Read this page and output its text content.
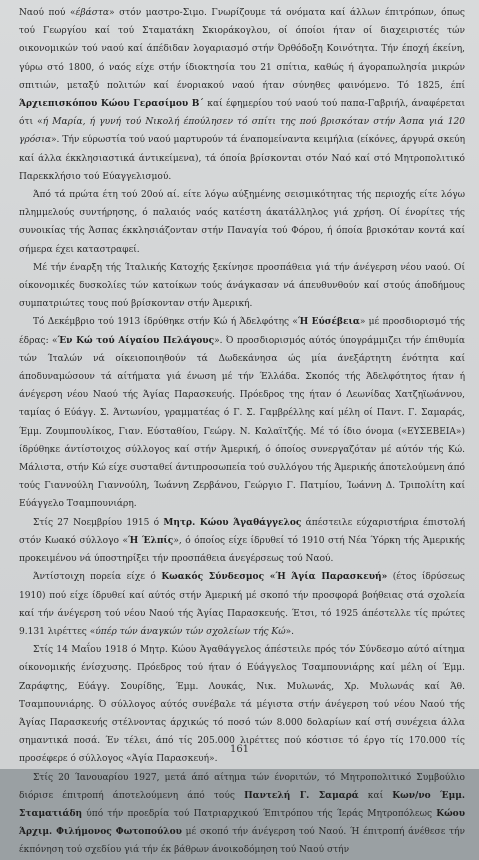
Ναού πού «έβάστα» στόν μαστρο-Σιμο. Γνωρίζουμε τά ονόματα καί άλλων έπιτρόπων, όπως τού Γεωργίου καί τού Σταματάκη Σκιοράκογλου, οί όποίοι ήταν οί διαχειριστές τών οικονομικών τού ναού καί άπέδιδαν λογαριασμό στήν Όρθόδοξη Κοινότητα. Τήν έποχή έκείνη, γύρω στό 1800, ό ναός είχε στήν ίδιοκτησία του 21 σπίτια, καθώς ή άγοραπωλησία μικρών σπιτιών, μεταξύ πολιτών καί ένοριακού ναού ήταν σύνηθες φαινόμενο. Τό 1825, έπί Άρχιεπισκόπου Κώου Γερασίμου Β΄ καί έφημερίου τού ναού τού παπα-Γαβριήλ, άναφέρεται ότι «ή Μαρία, ή γυνή τού Νικολή έπούλησεν τό σπίτι της πού βρισκόταν στήν Άσπα γιά 120 γρόσια». Τήν εύρωστία τού ναού μαρτυρούν τά έναπομείναντα κειμήλια (είκόνες, άργυρά σκεύη καί άλλα έκκλησιαστικά άντικείμενα), τά όποία βρίσκονται στόν Ναό καί στό Μητροπολιτικό Παρεκκλήσιο τού Εύαγγελισμού.

Άπό τά πρώτα έτη τού 20ού αί. είτε λόγω αύξημένης σεισμικότητας τής περιοχής είτε λόγω πλημμελούς συντήρησης, ό παλαιός ναός κατέστη άκατάλληλος γιά χρήση. Οί ένορίτες τής συνοικίας τής Άσπας έκκλησιάζονταν στήν Παναγία τού Φόρου, ή όποία βρισκόταν κοντά καί σήμερα έχει καταστραφεί.

Μέ τήν έναρξη τής Ίταλικής Κατοχής ξεκίνησε προσπάθεια γιά τήν άνέγερση νέου ναού. Οί οίκονομικές δυσκολίες τών κατοίκων τούς άνάγκασαν νά άπευθυνθούν καί στούς άποδήμους συμπατριώτες τους πού βρίσκονταν στήν Άμερική.

Τό Δεκέμβριο τού 1913 ίδρύθηκε στήν Κώ ή Άδελφότης «Ή Εύσέβεια» μέ προσδιορισμό τής έδρας: «Έν Κώ τού Αίγαίου Πελάγους». Ό προσδιορισμός αύτός ύπογράμμιζει τήν έπιθυμία τών Ίταλών νά οίκειοποιηθούν τά Δωδεκάνησα ώς μία άνεξάρτητη ένότητα καί άποδυναμώσουν τά αίτήματα γιά ένωση μέ τήν Έλλάδα. Σκοπός τής Άδελφότητος ήταν ή άνέγερση νέου Ναού τής Άγίας Παρασκευής. Πρόεδρος της ήταν ό Λεωνίδας Χατζηϊωάννου, ταμίας ό Εύάγγ. Σ. Άντωνίου, γραμματέας ό Γ. Σ. Γαμβρέλλης καί μέλη οί Παντ. Γ. Σαμαράς, Έμμ. Ζουμπουλίκος, Γιαν. Εύσταθίου, Γεώργ. Ν. Καλαϊτζής. Μέ τό ίδιο όνομα («ΕΥΣΕΒΕΙΑ») ίδρύθηκε άντίστοιχος σύλλογος καί στήν Άμερική, ό όποίος συνεργαζόταν μέ αύτόν τής Κώ. Μάλιστα, στήν Κώ είχε συσταθεί άντιπροσωπεία τού συλλόγου τής Άμερικής άποτελούμενη άπό τούς Γιαννούλη Γιαννούλη, Ίωάννη Ζερβάνου, Γεώργιο Γ. Πατμίου, Ίωάννη Δ. Τριπολίτη καί Εύάγγελο Τσαμπουνιάρη.

Στίς 27 Νοεμβρίου 1915 ό Μητρ. Κώου Άγαθάγγελος άπέστειλε εύχαριστήρια έπιστολή στόν Κωακό σύλλογο «Ή Έλπίς», ό όποίος είχε ίδρυθεί τό 1910 στή Νέα Ύόρκη τής Άμερικής προκειμένου νά ύποστηρίξει τήν προσπάθεια άνεγέρσεως τού Ναού.

Άντίστοιχη πορεία είχε ό Κωακός Σύνδεσμος «Ή Άγία Παρασκευή» (έτος ίδρύσεως 1910) πού είχε ίδρυθεί καί αύτός στήν Άμερική μέ σκοπό τήν προσφορά βοήθειας στά σχολεία καί τήν άνέγερση τού νέου Ναού τής Άγίας Παρασκευής. Έτσι, τό 1925 άπέστελλε τίς πρώτες 9.131 λιρέττες «ύπέρ τών άναγκών τών σχολείων τής Κώ».

Στίς 14 Μαΐου 1918 ό Μητρ. Κώου Άγαθάγγελος άπέστειλε πρός τόν Σύνδεσμο αύτό αίτημα οίκονομικής ένίσχυσης. Πρόεδρος τού ήταν ό Εύάγγελος Τσαμπουνιάρης καί μέλη οί Έμμ. Ζαράφτης, Εύάγγ. Σουρίδης, Έμμ. Λουκάς, Νικ. Μυλωνάς, Χρ. Μυλωνάς καί Άθ. Τσαμπουνιάρης. Ό σύλλογος αύτός συνέβαλε τά μέγιστα στήν άνέγερση τού νέου Ναού τής Άγίας Παρασκευής στέλνοντας άρχικώς τό ποσό τών 8.000 δολαρίων καί στή συνέχεια άλλα σημαντικά ποσά. Έν τέλει, άπό τίς 205.000 λιρέττες πού κόστισε τό έργο τίς 170.000 τίς προσέφερε ό σύλλογος «Άγία Παρασκευή».

Στίς 20 Ίανουαρίου 1927, μετά άπό αίτημα τών ένοριτών, τό Μητροπολιτικό Συμβούλιο διόρισε έπιτροπή άποτελούμενη άπό τούς Παντελή Γ. Σαμαρά καί Κων/νο Έμμ. Σταματιάδη ύπό τήν προεδρία τού Πατριαρχικού Έπιτρόπου τής Ίεράς Μητροπόλεως Κώου Άρχιμ. Φιλήμονος Φωτοπούλου μέ σκοπό τήν άνέγερση τού Ναού. Ή έπιτροπή άνέθεσε τήν έκπόνηση τού σχεδίου γιά τήν έκ βάθρων άνοικοδόμηση τού Ναού στήν

161
